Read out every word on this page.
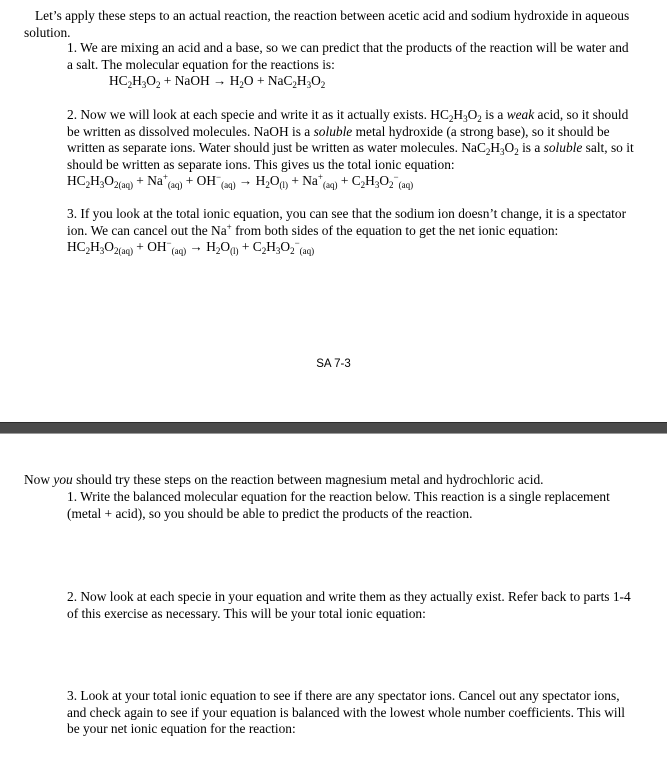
Let’s apply these steps to an actual reaction, the reaction between acetic acid and sodium hydroxide in aqueous solution.

1. We are mixing an acid and a base, so we can predict that the products of the reaction will be water and a salt. The molecular equation for the reactions is:
$HC_2H_3O_2$ + NaOH → $H_2O + NaC_2H_3O_2$
2. Now we will look at each specie and write it as it actually exists. $HC_2H_3O_2$ is a weak acid, so it should be written as dissolved molecules. NaOH is a soluble metal hydroxide (a strong base), so it should be written as separate ions. Water should just be written as water molecules. $NaC_2H_3O_2$ is a soluble salt, so it should be written as separate ions. This gives us the total ionic $equation:HC_2H_3O_{2(aq)} + Na^+_{(aq)} + OH^-_{(aq)} \to H_2O_{(l)} + Na^+_{(aq)} + C_2H_3O_2^-_{(aq)}$
3. If you look at the total ionic equation, you can see that the sodium ion doesn’t change, it is a spectator ion. We can cancel out the Na+ from both sides of the equation to get the net ionic $equation:HC_2H_3O_{2(aq)} + OH^-_{(aq)} \to H_2O_{(l)} + C_2H_3O_2^-_{(aq)}$
SA 7-3

Now you should try these steps on the reaction between magnesium metal and hydrochloric acid.

1. Write the balanced molecular equation for the reaction below. This reaction is a single replacement (metal + acid), so you should be able to predict the products of the reaction.

2. Now look at each specie in your equation and write them as they actually exist. Refer back to parts 1-4 of this exercise as necessary. This will be your total ionic equation:

3. Look at your total ionic equation to see if there are any spectator ions. Cancel out any spectator ions, and check again to see if your equation is balanced with the lowest whole number coefficients. This will be your net ionic equation for the reaction:
